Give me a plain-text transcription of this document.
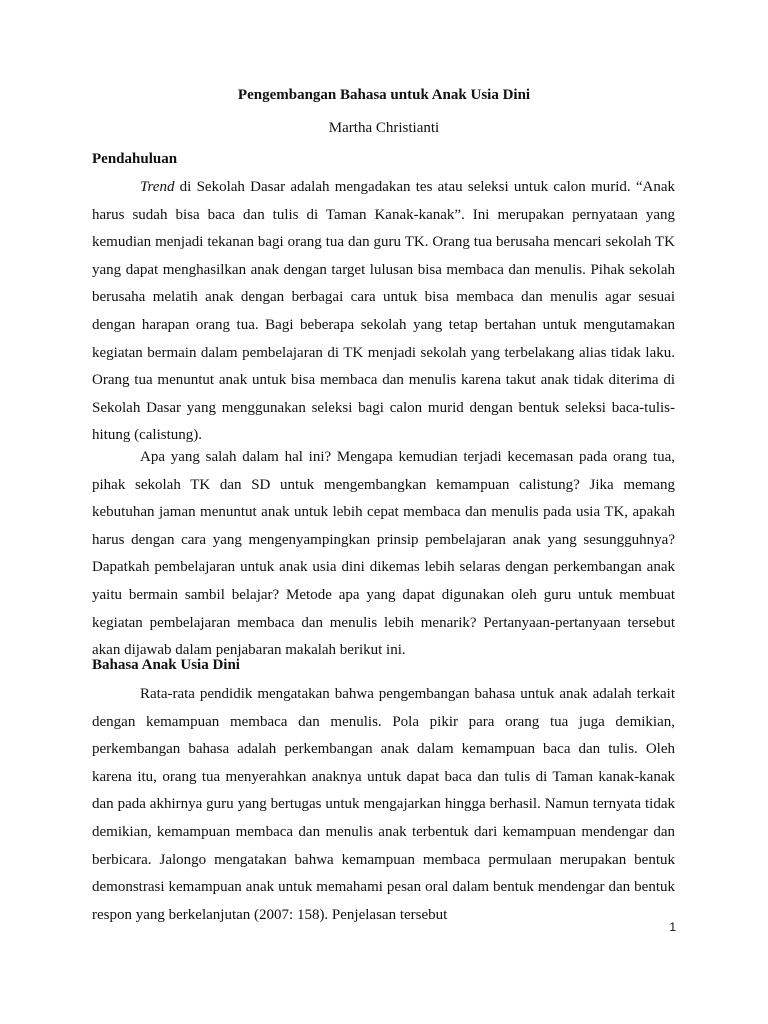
Pengembangan Bahasa untuk Anak Usia Dini
Martha Christianti
Pendahuluan

Trend di Sekolah Dasar adalah mengadakan tes atau seleksi untuk calon murid. “Anak harus sudah bisa baca dan tulis di Taman Kanak-kanak”. Ini merupakan pernyataan yang kemudian menjadi tekanan bagi orang tua dan guru TK. Orang tua berusaha mencari sekolah TK yang dapat menghasilkan anak dengan target lulusan bisa membaca dan menulis. Pihak sekolah berusaha melatih anak dengan berbagai cara untuk bisa membaca dan menulis agar sesuai dengan harapan orang tua. Bagi beberapa sekolah yang tetap bertahan untuk mengutamakan kegiatan bermain dalam pembelajaran di TK menjadi sekolah yang terbelakang alias tidak laku. Orang tua menuntut anak untuk bisa membaca dan menulis karena takut anak tidak diterima di Sekolah Dasar yang menggunakan seleksi bagi calon murid dengan bentuk seleksi baca-tulis-hitung (calistung).

Apa yang salah dalam hal ini? Mengapa kemudian terjadi kecemasan pada orang tua, pihak sekolah TK dan SD untuk mengembangkan kemampuan calistung? Jika memang kebutuhan jaman menuntut anak untuk lebih cepat membaca dan menulis pada usia TK, apakah harus dengan cara yang mengenyampingkan prinsip pembelajaran anak yang sesungguhnya? Dapatkah pembelajaran untuk anak usia dini dikemas lebih selaras dengan perkembangan anak yaitu bermain sambil belajar? Metode apa yang dapat digunakan oleh guru untuk membuat kegiatan pembelajaran membaca dan menulis lebih menarik? Pertanyaan-pertanyaan tersebut akan dijawab dalam penjabaran makalah berikut ini.

Bahasa Anak Usia Dini

Rata-rata pendidik mengatakan bahwa pengembangan bahasa untuk anak adalah terkait dengan kemampuan membaca dan menulis. Pola pikir para orang tua juga demikian, perkembangan bahasa adalah perkembangan anak dalam kemampuan baca dan tulis. Oleh karena itu, orang tua menyerahkan anaknya untuk dapat baca dan tulis di Taman kanak-kanak dan pada akhirnya guru yang bertugas untuk mengajarkan hingga berhasil. Namun ternyata tidak demikian, kemampuan membaca dan menulis anak terbentuk dari kemampuan mendengar dan berbicara. Jalongo mengatakan bahwa kemampuan membaca permulaan merupakan bentuk demonstrasi kemampuan anak untuk memahami pesan oral dalam bentuk mendengar dan bentuk respon yang berkelanjutan (2007: 158). Penjelasan tersebut

1
